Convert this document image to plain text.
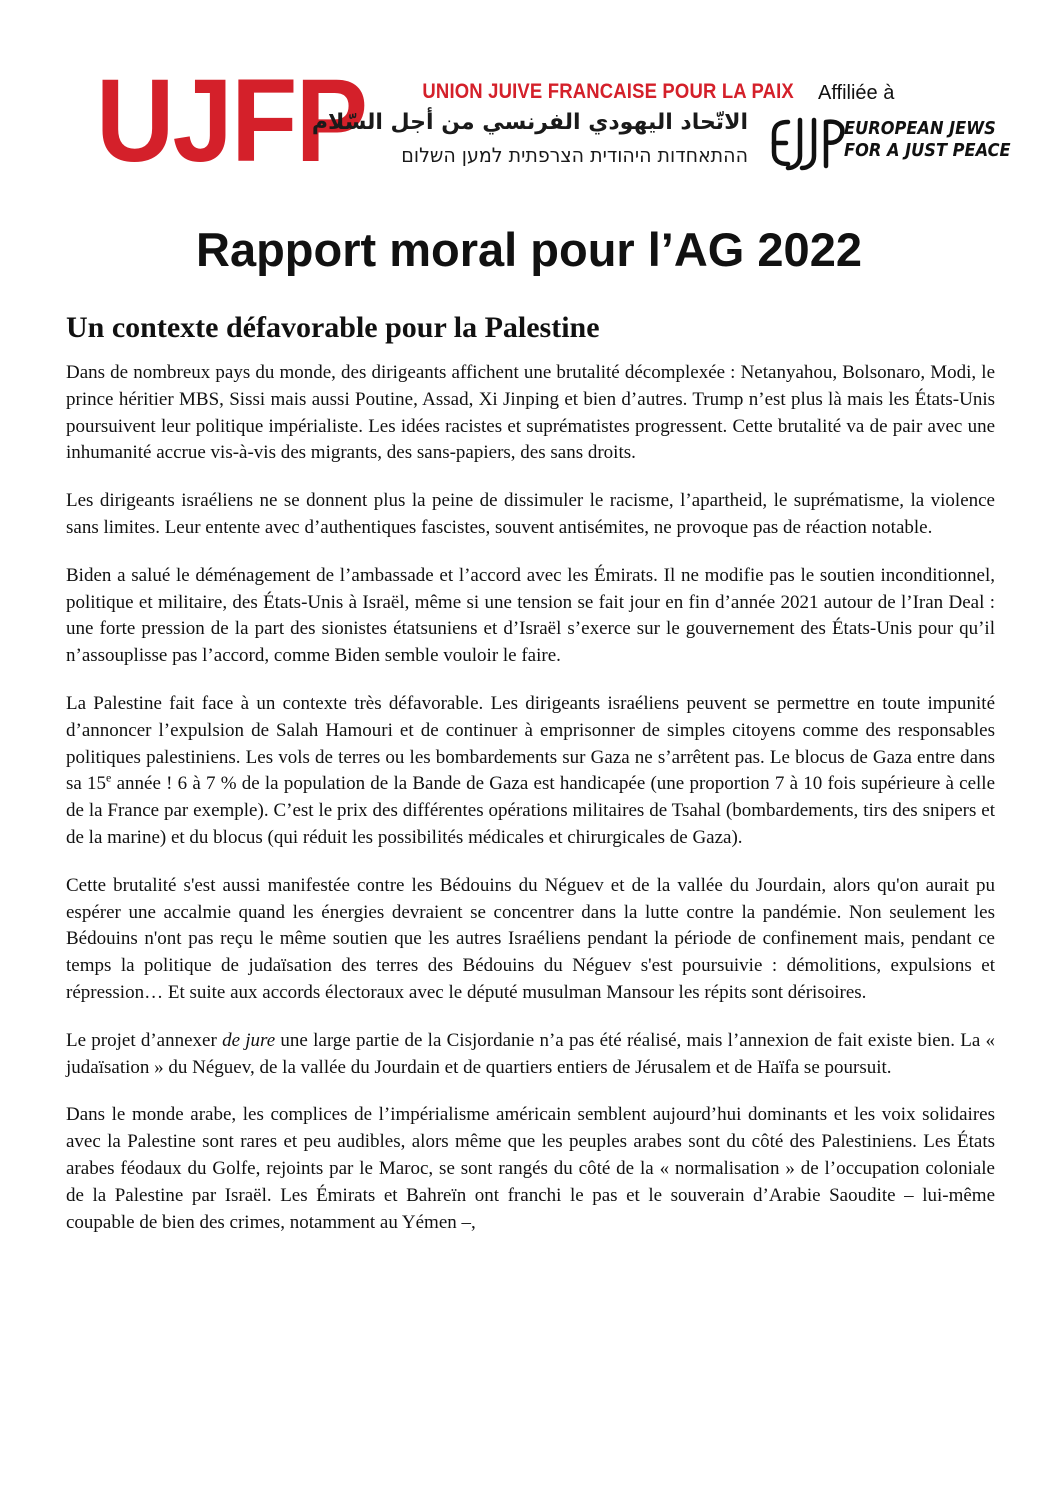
UJFP	UNION JUIVE FRANCAISE POUR LA PAIX
الاتّحاد اليهودي الفرنسي من أجل السّلام
ההתאחדות היהודית הצרפתית למען השלום
Affiliée à
EUROPEAN JEWS
FOR A JUST PEACE
Rapport moral pour l’AG 2022
Un contexte défavorable pour la Palestine

Dans de nombreux pays du monde, des dirigeants affichent une brutalité décomplexée : Netanyahou, Bolsonaro, Modi, le prince héritier MBS, Sissi mais aussi Poutine, Assad, Xi Jinping et bien d’autres. Trump n’est plus là mais les États-Unis poursuivent leur politique impérialiste. Les idées racistes et suprématistes progressent. Cette brutalité va de pair avec une inhumanité accrue vis-à-vis des migrants, des sans-papiers, des sans droits.

Les dirigeants israéliens ne se donnent plus la peine de dissimuler le racisme, l’apartheid, le suprématisme, la violence sans limites. Leur entente avec d’authentiques fascistes, souvent antisémites, ne provoque pas de réaction notable.

Biden a salué le déménagement de l’ambassade et l’accord avec les Émirats. Il ne modifie pas le soutien inconditionnel, politique et militaire, des États-Unis à Israël, même si une tension se fait jour en fin d’année 2021 autour de l’Iran Deal : une forte pression de la part des sionistes étatsuniens et d’Israël s’exerce sur le gouvernement des États-Unis pour qu’il n’assouplisse pas l’accord, comme Biden semble vouloir le faire.

La Palestine fait face à un contexte très défavorable. Les dirigeants israéliens peuvent se permettre en toute impunité d’annoncer l’expulsion de Salah Hamouri et de continuer à emprisonner de simples citoyens comme des responsables politiques palestiniens. Les vols de terres ou les bombardements sur Gaza ne s’arrêtent pas. Le blocus de Gaza entre dans sa 15e année ! 6 à 7 % de la population de la Bande de Gaza est handicapée (une proportion 7 à 10 fois supérieure à celle de la France par exemple). C’est le prix des différentes opérations militaires de Tsahal (bombardements, tirs des snipers et de la marine) et du blocus (qui réduit les possibilités médicales et chirurgicales de Gaza).

Cette brutalité s'est aussi manifestée contre les Bédouins du Néguev et de la vallée du Jourdain, alors qu'on aurait pu espérer une accalmie quand les énergies devraient se concentrer dans la lutte contre la pandémie. Non seulement les Bédouins n'ont pas reçu le même soutien que les autres Israéliens pendant la période de confinement mais, pendant ce temps la politique de judaïsation des terres des Bédouins du Néguev s'est poursuivie : démolitions, expulsions et répression… Et suite aux accords électoraux avec le député musulman Mansour les répits sont dérisoires.

Le projet d’annexer de jure une large partie de la Cisjordanie n’a pas été réalisé, mais l’annexion de fait existe bien. La « judaïsation » du Néguev, de la vallée du Jourdain et de quartiers entiers de Jérusalem et de Haïfa se poursuit.

Dans le monde arabe, les complices de l’impérialisme américain semblent aujourd’hui dominants et les voix solidaires avec la Palestine sont rares et peu audibles, alors même que les peuples arabes sont du côté des Palestiniens. Les États arabes féodaux du Golfe, rejoints par le Maroc, se sont rangés du côté de la « normalisation » de l’occupation coloniale de la Palestine par Israël. Les Émirats et Bahreïn ont franchi le pas et le souverain d’Arabie Saoudite – lui-même coupable de bien des crimes, notamment au Yémen –,
